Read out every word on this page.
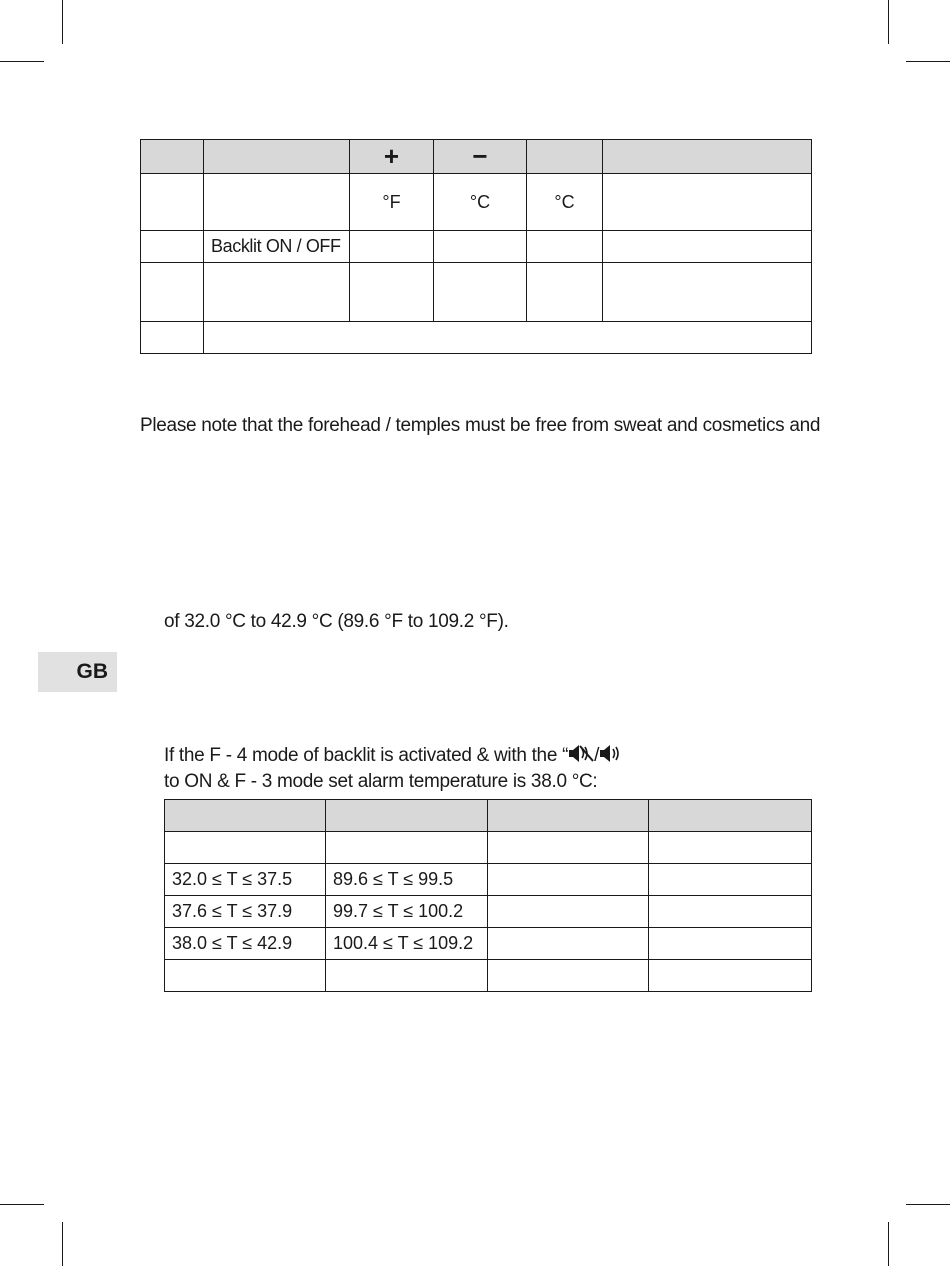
		+	−		
		°F	°C	°C	
	Backlit ON / OFF				

Please note that the forehead / temples must be free from sweat and cosmetics and
of 32.0 °C to 42.9 °C (89.6 °F to 109.2 °F).
GB
If the F - 4 mode of backlit is activated & with the “ /
to ON & F - 3 mode set alarm temperature is 38.0 °C:

32.0 ≤ T ≤ 37.5	89.6 ≤ T ≤ 99.5		
37.6 ≤ T ≤ 37.9	99.7 ≤ T ≤ 100.2		
38.0 ≤ T ≤ 42.9	100.4 ≤ T ≤ 109.2		
